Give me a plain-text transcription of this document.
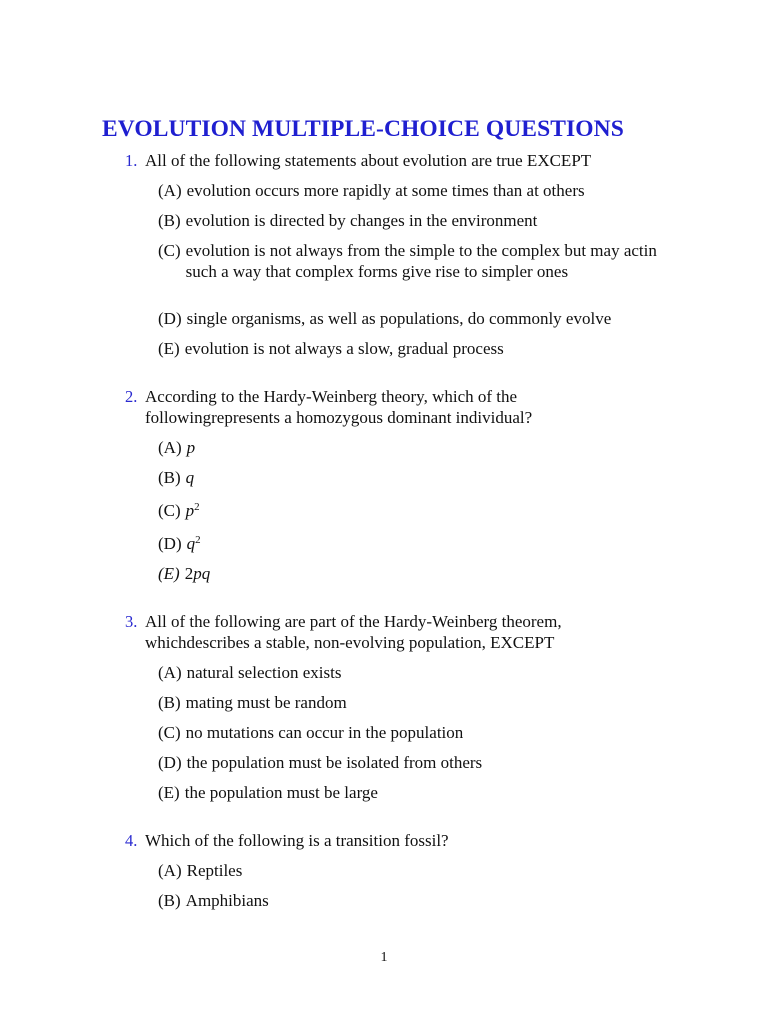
EVOLUTION MULTIPLE-CHOICE QUESTIONS
1. All of the following statements about evolution are true EXCEPT
(A) evolution occurs more rapidly at some times than at others
(B) evolution is directed by changes in the environment
(C) evolution is not always from the simple to the complex but may actin such a way that complex forms give rise to simpler ones
(D) single organisms, as well as populations, do commonly evolve
(E) evolution is not always a slow, gradual process
2. According to the Hardy-Weinberg theory, which of the
followingrepresents a homozygous dominant individual?
(A) p
(B) q
(C) $p^2$
(D) $q^2$
(E) 2pq
3. All of the following are part of the Hardy-Weinberg theorem,
whichdescribes a stable, non-evolving population, EXCEPT
(A) natural selection exists
(B) mating must be random
(C) no mutations can occur in the population
(D) the population must be isolated from others
(E) the population must be large
4. Which of the following is a transition fossil?
(A) Reptiles
(B) Amphibians
1
